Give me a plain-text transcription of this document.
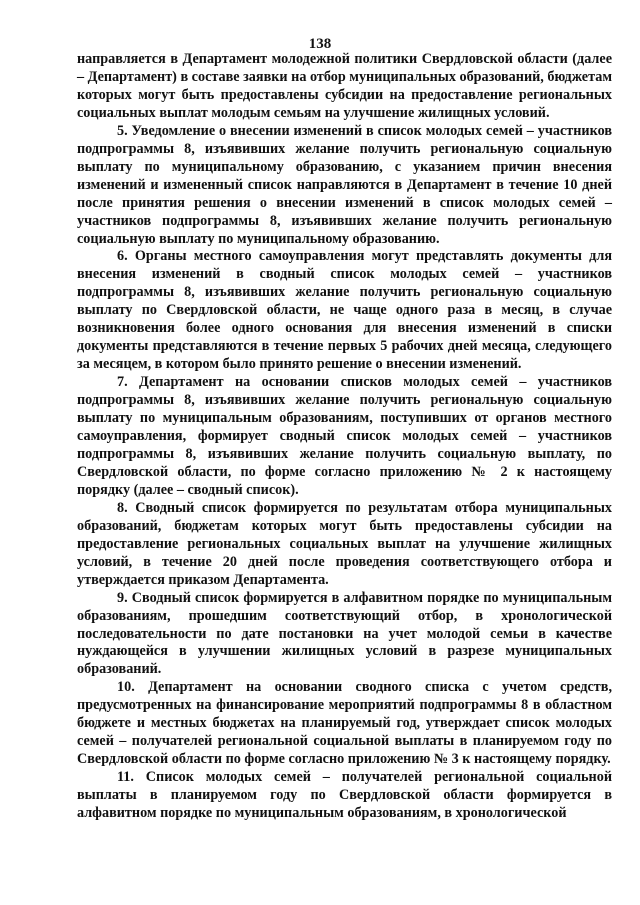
138

направляется в Департамент молодежной политики Свердловской области (далее – Департамент) в составе заявки на отбор муниципальных образований, бюджетам которых могут быть предоставлены субсидии на предоставление региональных социальных выплат молодым семьям на улучшение жилищных условий.

5. Уведомление о внесении изменений в список молодых семей – участников подпрограммы 8, изъявивших желание получить региональную социальную выплату по муниципальному образованию, с указанием причин внесения изменений и измененный список направляются в Департамент в течение 10 дней после принятия решения о внесении изменений в список молодых семей – участников подпрограммы 8, изъявивших желание получить региональную социальную выплату по муниципальному образованию.

6. Органы местного самоуправления могут представлять документы для внесения изменений в сводный список молодых семей – участников подпрограммы 8, изъявивших желание получить региональную социальную выплату по Свердловской области, не чаще одного раза в месяц, в случае возникновения более одного основания для внесения изменений в списки документы представляются в течение первых 5 рабочих дней месяца, следующего за месяцем, в котором было принято решение о внесении изменений.

7. Департамент на основании списков молодых семей – участников подпрограммы 8, изъявивших желание получить региональную социальную выплату по муниципальным образованиям, поступивших от органов местного самоуправления, формирует сводный список молодых семей – участников подпрограммы 8, изъявивших желание получить социальную выплату, по Свердловской области, по форме согласно приложению № 2 к настоящему порядку (далее – сводный список).

8. Сводный список формируется по результатам отбора муниципальных образований, бюджетам которых могут быть предоставлены субсидии на предоставление региональных социальных выплат на улучшение жилищных условий, в течение 20 дней после проведения соответствующего отбора и утверждается приказом Департамента.

9. Сводный список формируется в алфавитном порядке по муниципальным образованиям, прошедшим соответствующий отбор, в хронологической последовательности по дате постановки на учет молодой семьи в качестве нуждающейся в улучшении жилищных условий в разрезе муниципальных образований.

10. Департамент на основании сводного списка с учетом средств, предусмотренных на финансирование мероприятий подпрограммы 8 в областном бюджете и местных бюджетах на планируемый год, утверждает список молодых семей – получателей региональной социальной выплаты в планируемом году по Свердловской области по форме согласно приложению № 3 к настоящему порядку.

11. Список молодых семей – получателей региональной социальной выплаты в планируемом году по Свердловской области формируется в алфавитном порядке по муниципальным образованиям, в хронологической
